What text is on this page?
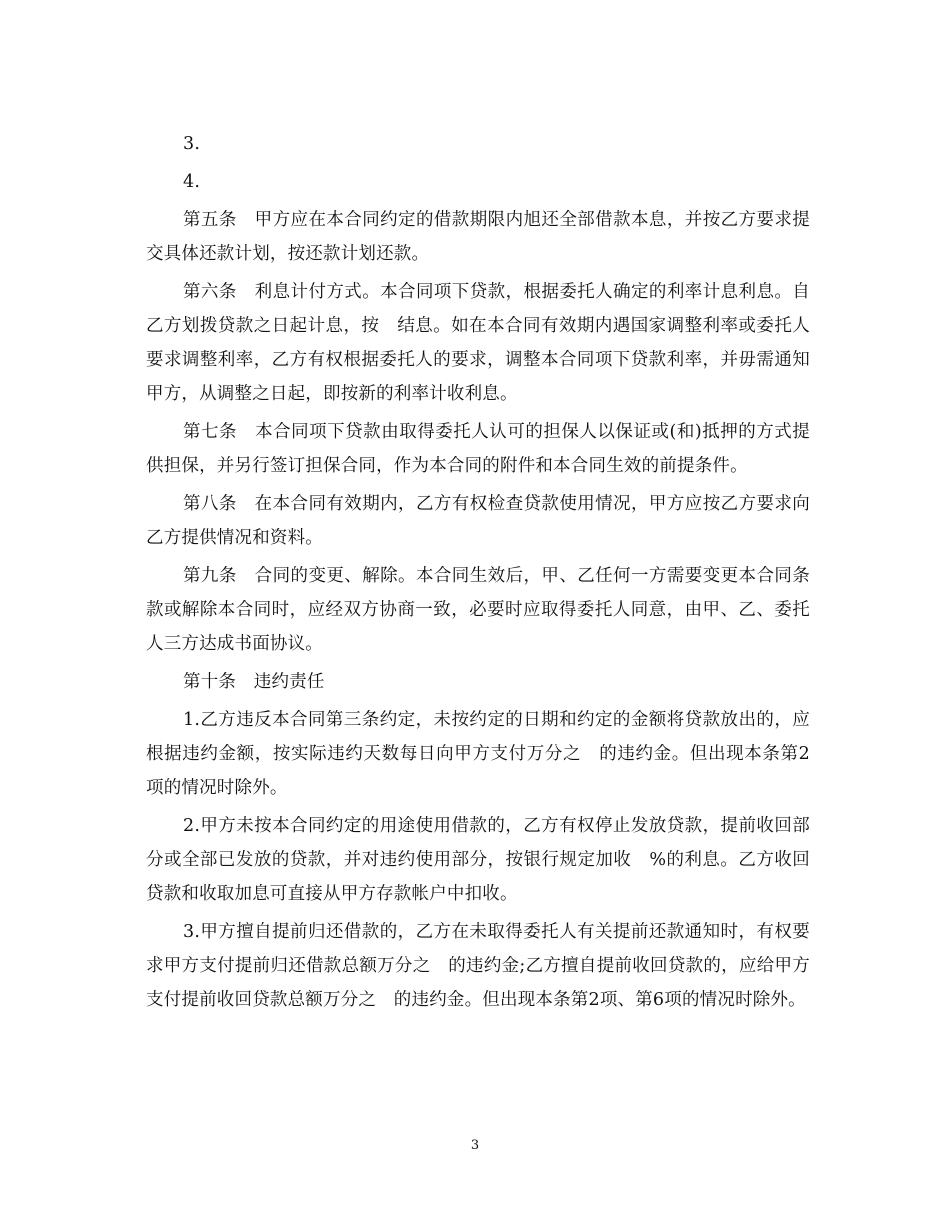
3.

4.

第五条　甲方应在本合同约定的借款期限内旭还全部借款本息，并按乙方要求提交具体还款计划，按还款计划还款。

第六条　利息计付方式。本合同项下贷款，根据委托人确定的利率计息利息。自乙方划拨贷款之日起计息，按　结息。如在本合同有效期内遇国家调整利率或委托人要求调整利率，乙方有权根据委托人的要求，调整本合同项下贷款利率，并毋需通知甲方，从调整之日起，即按新的利率计收利息。

第七条　本合同项下贷款由取得委托人认可的担保人以保证或(和)抵押的方式提供担保，并另行签订担保合同，作为本合同的附件和本合同生效的前提条件。

第八条　在本合同有效期内，乙方有权检查贷款使用情况，甲方应按乙方要求向乙方提供情况和资料。

第九条　合同的变更、解除。本合同生效后，甲、乙任何一方需要变更本合同条款或解除本合同时，应经双方协商一致，必要时应取得委托人同意，由甲、乙、委托人三方达成书面协议。

第十条　违约责任

1.乙方违反本合同第三条约定，未按约定的日期和约定的金额将贷款放出的，应根据违约金额，按实际违约天数每日向甲方支付万分之　的违约金。但出现本条第2项的情况时除外。

2.甲方未按本合同约定的用途使用借款的，乙方有权停止发放贷款，提前收回部分或全部已发放的贷款，并对违约使用部分，按银行规定加收　%的利息。乙方收回贷款和收取加息可直接从甲方存款帐户中扣收。

3.甲方擅自提前归还借款的，乙方在未取得委托人有关提前还款通知时，有权要求甲方支付提前归还借款总额万分之　的违约金;乙方擅自提前收回贷款的，应给甲方支付提前收回贷款总额万分之　的违约金。但出现本条第2项、第6项的情况时除外。

3
